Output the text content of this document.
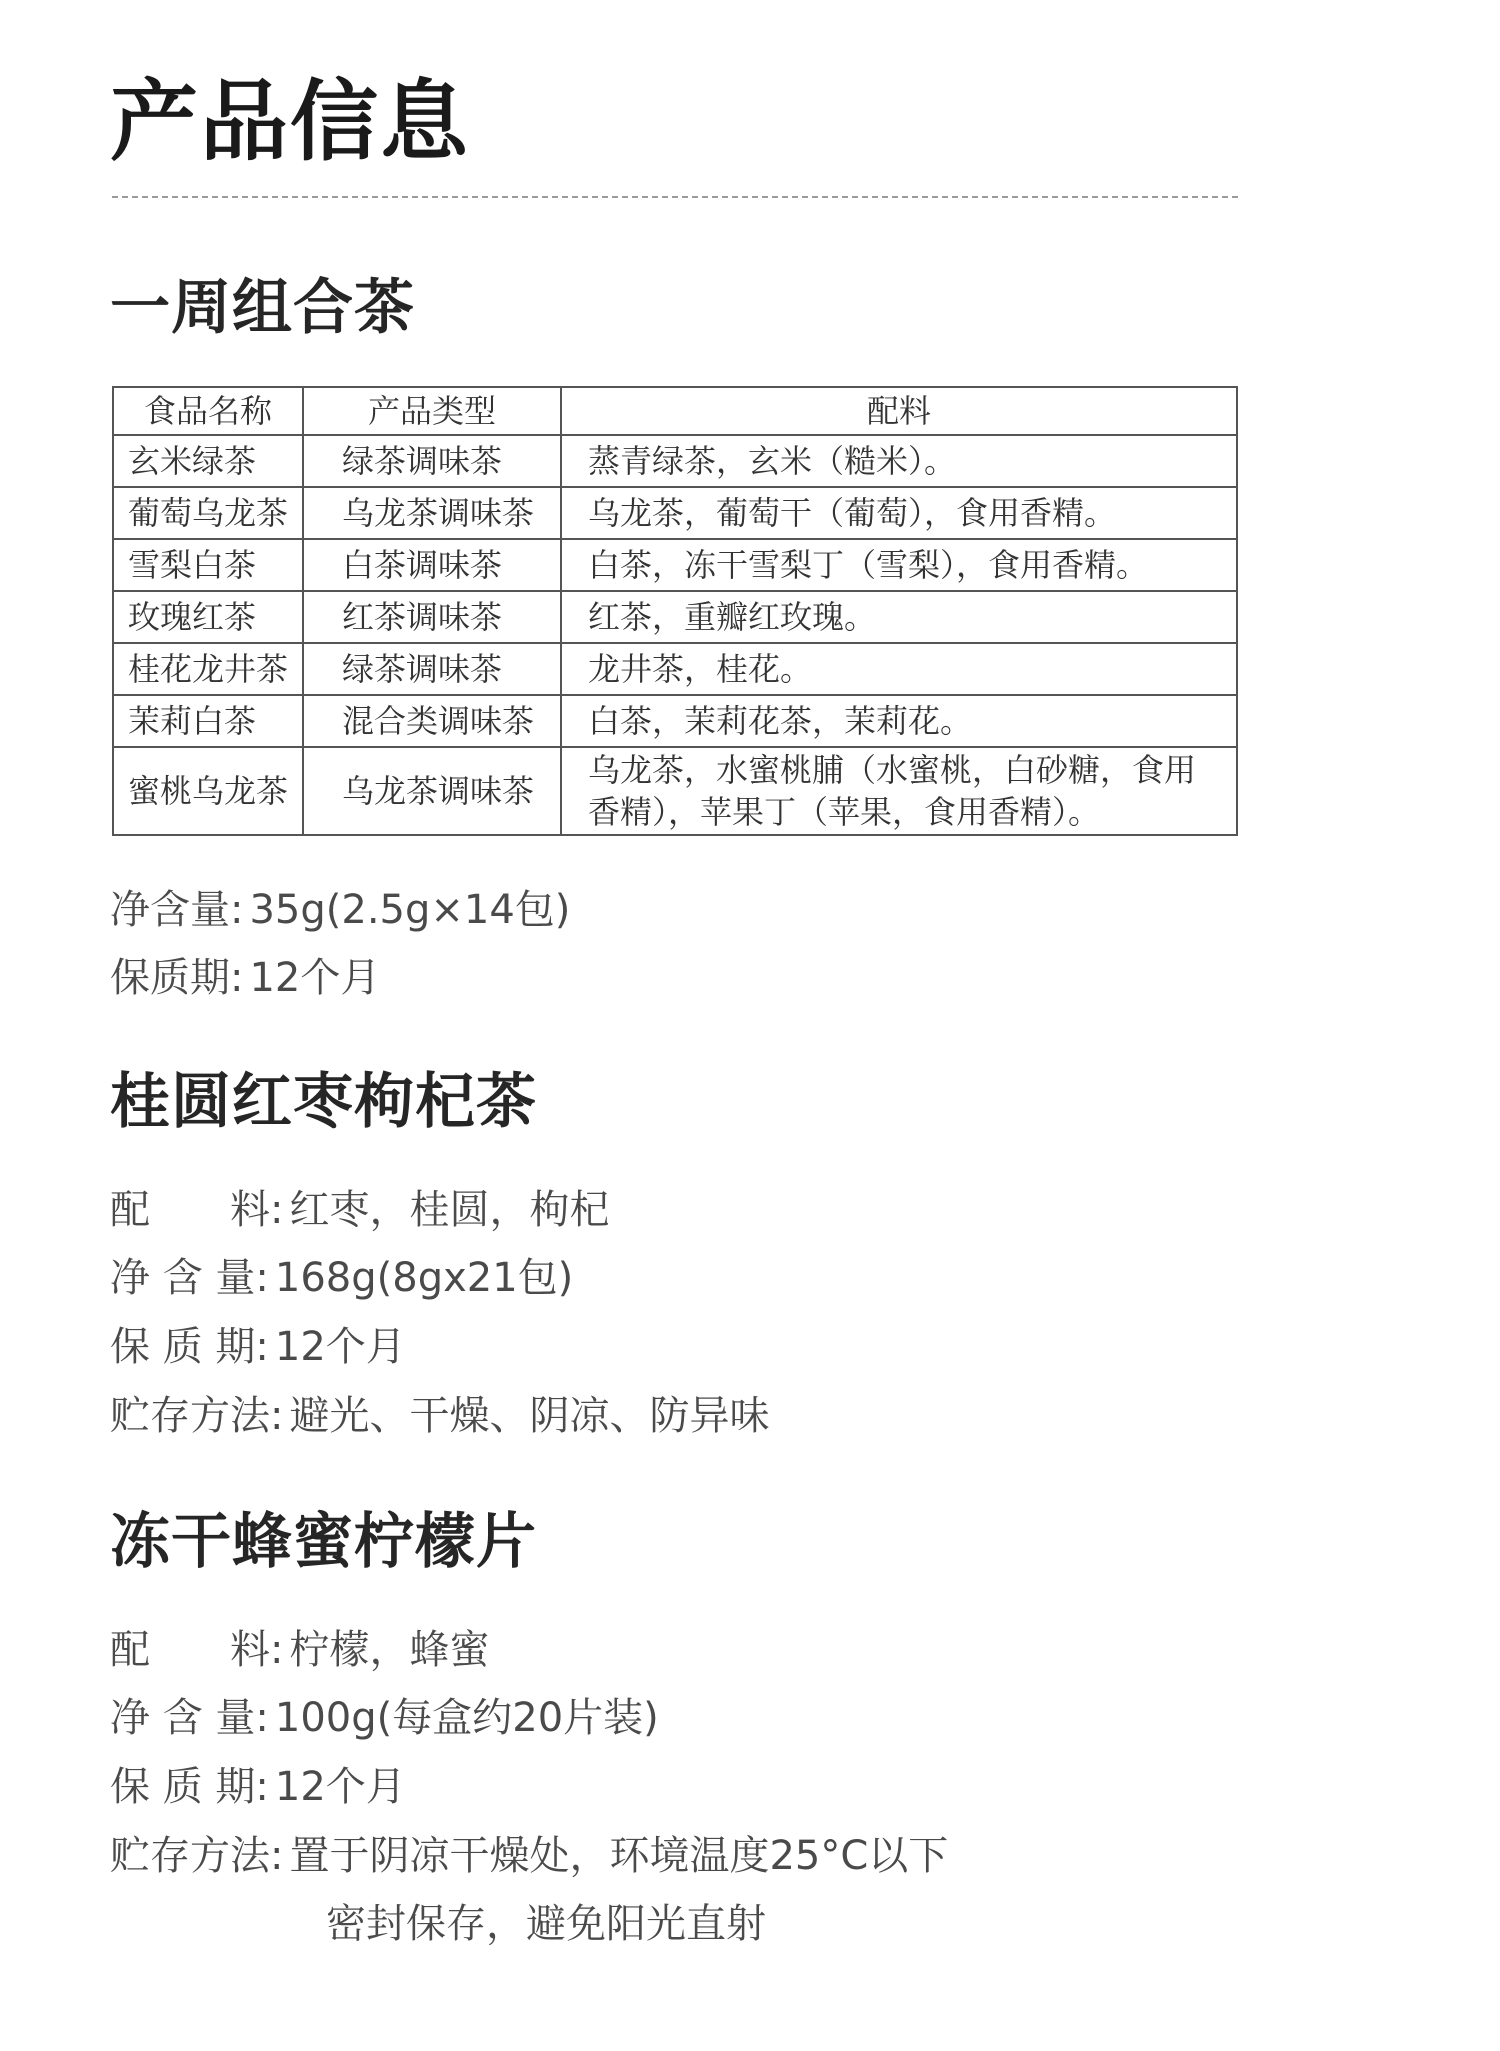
产品信息
一周组合茶
食品名称	产品类型	配料
玄米绿茶	绿茶调味茶	蒸青绿茶，玄米（糙米）。
葡萄乌龙茶	乌龙茶调味茶	乌龙茶，葡萄干（葡萄），食用香精。
雪梨白茶	白茶调味茶	白茶，冻干雪梨丁（雪梨），食用香精。
玫瑰红茶	红茶调味茶	红茶，重瓣红玫瑰。
桂花龙井茶	绿茶调味茶	龙井茶，桂花。
茉莉白茶	混合类调味茶	白茶，茉莉花茶，茉莉花。
蜜桃乌龙茶	乌龙茶调味茶	乌龙茶，水蜜桃脯（水蜜桃，白砂糖，食用香精），苹果丁（苹果，食用香精）。
净含量: 35g(2.5g×14包)
保质期: 12个月
桂圆红枣枸杞茶
配　　料: 红枣，桂圆，枸杞
净 含 量: 168g(8gx21包)
保 质 期: 12个月
贮存方法: 避光、干燥、阴凉、防异味
冻干蜂蜜柠檬片
配　　料: 柠檬，蜂蜜
净 含 量: 100g(每盒约20片装)
保 质 期: 12个月
贮存方法: 置于阴凉干燥处，环境温度25°C以下
密封保存，避免阳光直射
